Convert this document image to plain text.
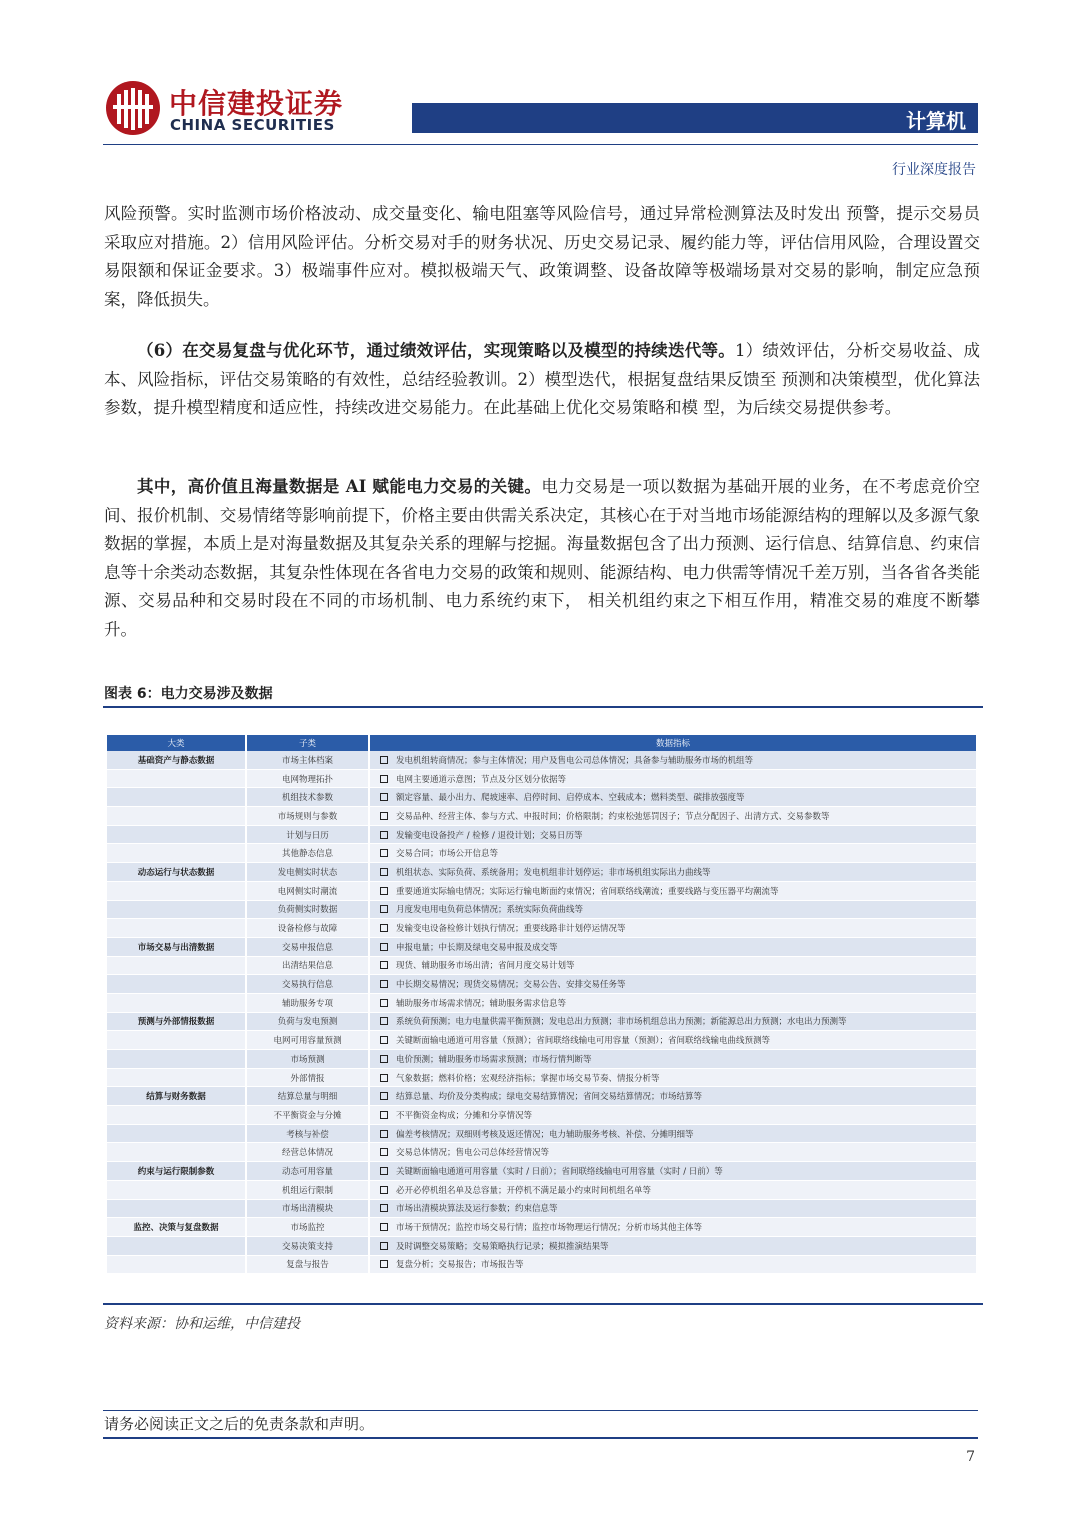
中信建投证券
CHINA SECURITIES	计算机
行业深度报告
风险预警。实时监测市场价格波动、成交量变化、输电阻塞等风险信号，通过异常检测算法及时发出 预警，提示交易员采取应对措施。2）信用风险评估。分析交易对手的财务状况、历史交易记录、履约能力等，评估信用风险，合理设置交易限额和保证金要求。3）极端事件应对。模拟极端天气、政策调整、设备故障等极端场景对交易的影响，制定应急预案，降低损失。
（6）在交易复盘与优化环节，通过绩效评估，实现策略以及模型的持续迭代等。1）绩效评估，分析交易收益、成本、风险指标，评估交易策略的有效性，总结经验教训。2）模型迭代，根据复盘结果反馈至 预测和决策模型，优化算法参数，提升模型精度和适应性，持续改进交易能力。在此基础上优化交易策略和模 型，为后续交易提供参考。
其中，高价值且海量数据是 AI 赋能电力交易的关键。电力交易是一项以数据为基础开展的业务，在不考虑竞价空间、报价机制、交易情绪等影响前提下，价格主要由供需关系决定，其核心在于对当地市场能源结构的理解以及多源气象数据的掌握，本质上是对海量数据及其复杂关系的理解与挖掘。海量数据包含了出力预测、运行信息、结算信息、约束信息等十余类动态数据，其复杂性体现在各省电力交易的政策和规则、能源结构、电力供需等情况千差万别，当各省各类能源、交易品种和交易时段在不同的市场机制、电力系统约束下， 相关机组约束之下相互作用，精准交易的难度不断攀升。
图表 6：电力交易涉及数据
大类	子类	数据指标
基础资产与静态数据	市场主体档案	发电机组转商情况；参与主体情况；用户及售电公司总体情况；具备参与辅助服务市场的机组等
	电网物理拓扑	电网主要通道示意图；节点及分区划分依据等
	机组技术参数	额定容量、最小出力、爬坡速率、启停时间、启停成本、空载成本；燃料类型、碳排放强度等
	市场规则与参数	交易品种、经营主体、参与方式、申报时间；价格限制；约束松弛惩罚因子；节点分配因子、出清方式、交易参数等
	计划与日历	发输变电设备投产 / 检修 / 退役计划；交易日历等
	其他静态信息	交易合同；市场公开信息等
动态运行与状态数据	发电侧实时状态	机组状态、实际负荷、系统备用；发电机组非计划停运；非市场机组实际出力曲线等
	电网侧实时潮流	重要通道实际输电情况；实际运行输电断面约束情况；省间联络线潮流；重要线路与变压器平均潮流等
	负荷侧实时数据	月度发电用电负荷总体情况；系统实际负荷曲线等
	设备检修与故障	发输变电设备检修计划执行情况；重要线路非计划停运情况等
市场交易与出清数据	交易申报信息	申报电量；中长期及绿电交易申报及成交等
	出清结果信息	现货、辅助服务市场出清；省间月度交易计划等
	交易执行信息	中长期交易情况；现货交易情况；交易公告、安排交易任务等
	辅助服务专项	辅助服务市场需求情况；辅助服务需求信息等
预测与外部情报数据	负荷与发电预测	系统负荷预测；电力电量供需平衡预测；发电总出力预测；非市场机组总出力预测；新能源总出力预测；水电出力预测等
	电网可用容量预测	关键断面输电通道可用容量（预测）；省间联络线输电可用容量（预测）；省间联络线输电曲线预测等
	市场预测	电价预测；辅助服务市场需求预测；市场行情判断等
	外部情报	气象数据；燃料价格；宏观经济指标；掌握市场交易节奏、情报分析等
结算与财务数据	结算总量与明细	结算总量、均价及分类构成；绿电交易结算情况；省间交易结算情况；市场结算等
	不平衡资金与分摊	不平衡资金构成；分摊和分享情况等
	考核与补偿	偏差考核情况；双细则考核及返还情况；电力辅助服务考核、补偿、分摊明细等
	经营总体情况	交易总体情况；售电公司总体经营情况等
约束与运行限制参数	动态可用容量	关键断面输电通道可用容量（实时 / 日前）；省间联络线输电可用容量（实时 / 日前）等
	机组运行限制	必开必停机组名单及总容量；开停机不满足最小约束时间机组名单等
	市场出清模块	市场出清模块算法及运行参数；约束信息等
监控、决策与复盘数据	市场监控	市场干预情况；监控市场交易行情；监控市场物理运行情况；分析市场其他主体等
	交易决策支持	及时调整交易策略；交易策略执行记录；模拟推演结果等
	复盘与报告	复盘分析；交易报告；市场报告等
资料来源：协和运维，中信建投
请务必阅读正文之后的免责条款和声明。
7
